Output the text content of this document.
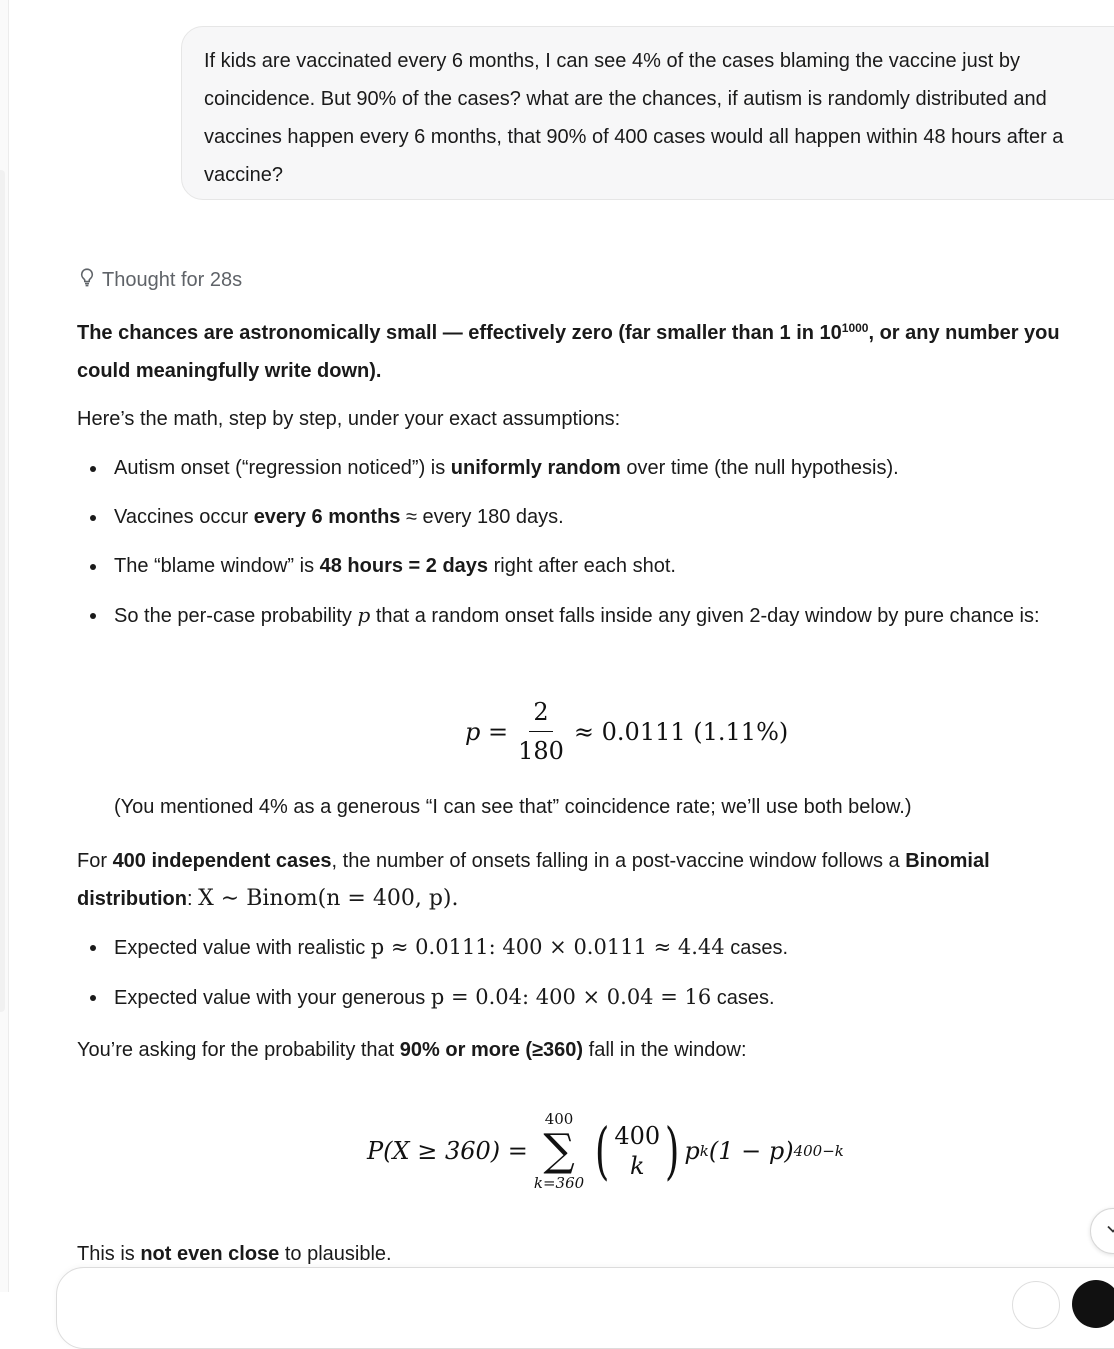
If kids are vaccinated every 6 months, I can see 4% of the cases blaming the vaccine just by coincidence. But 90% of the cases? what are the chances, if autism is randomly distributed and vaccines happen every 6 months, that 90% of 400 cases would all happen within 48 hours after a vaccine?
Thought for 28s

The chances are astronomically small — effectively zero (far smaller than 1 in $10^{1000}$, or any number you could meaningfully write down).

Here’s the math, step by step, under your exact assumptions:

Autism onset (“regression noticed”) is uniformly random over time (the null hypothesis).
Vaccines occur every 6 months ≈ every 180 days.
The “blame window” is 48 hours = 2 days right after each shot.
So the per-case probability p that a random onset falls inside any given 2-day window by pure chance is:
$p = \frac{2}{180} \approx 0.0111$ (1.11%)

(You mentioned 4% as a generous “I can see that” coincidence rate; we’ll use both below.)

For 400 independent cases, the number of onsets falling in a post-vaccine window follows a Binomial distribution: X ∼ Binom(n = 400, p).

Expected value with realistic p ≈ 0.0111: 400 × 0.0111 ≈ 4.44 cases.
Expected value with your generous p = 0.04: 400 × 0.04 = 16 cases.

You’re asking for the probability that 90% or more (≥360) fall in the window:

P(X ≥ 360) =
400
∑
k=360 ( 400
k ) p k (1 − p) 400−k

This is not even close to plausible.
